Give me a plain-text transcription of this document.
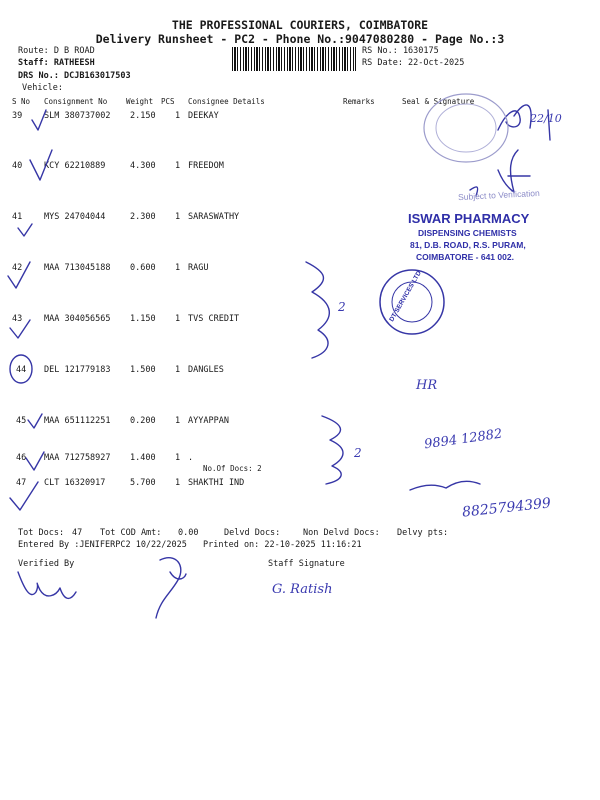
THE PROFESSIONAL COURIERS, COIMBATORE
Delivery Runsheet - PC2 - Phone No.:9047080280 - Page No.:3
Route: D B ROAD
Staff: RATHEESH
DRS No.: DCJB163017503
Vehicle:
RS No.: 1630175
RS Date: 22-Oct-2025
S No Consignment No	Weight PCS Consignee Details	Remarks	Seal & Signature
39	SLM 380737002 2.150 1 DEEKAY
40	KCY 62210889	4.300 1 FREEDOM
41	MYS 24704044	2.300 1 SARASWATHY
42	MAA 713045188 0.600 1 RAGU
43	MAA 304056565 1.150 1 TVS CREDIT
44 DEL 121779183 1.500 1 DANGLES
45 MAA 651112251 0.200 1 AYYAPPAN
46 MAA 712758927 1.400 1 .
No.Of Docs: 2
47 CLT 16320917	5.700 1 SHAKTHI IND
Tot Docs: 47 Tot COD Amt: 0.00	Delvd Docs:	Non Delvd Docs: Delvy pts:
Entered By :JENIFERPC2 10/22/2025 Printed on: 22-10-2025 11:16:21
Verified By	Staff Signature
DT SERVICES LTD
ISWAR PHARMACY
DISPENSING CHEMISTS
81, D.B. ROAD, R.S. PURAM,
COIMBATORE - 641 002.
Subject to Verification
22/10
2
2
HR
9894 12882
8825794399
G. Ratish
